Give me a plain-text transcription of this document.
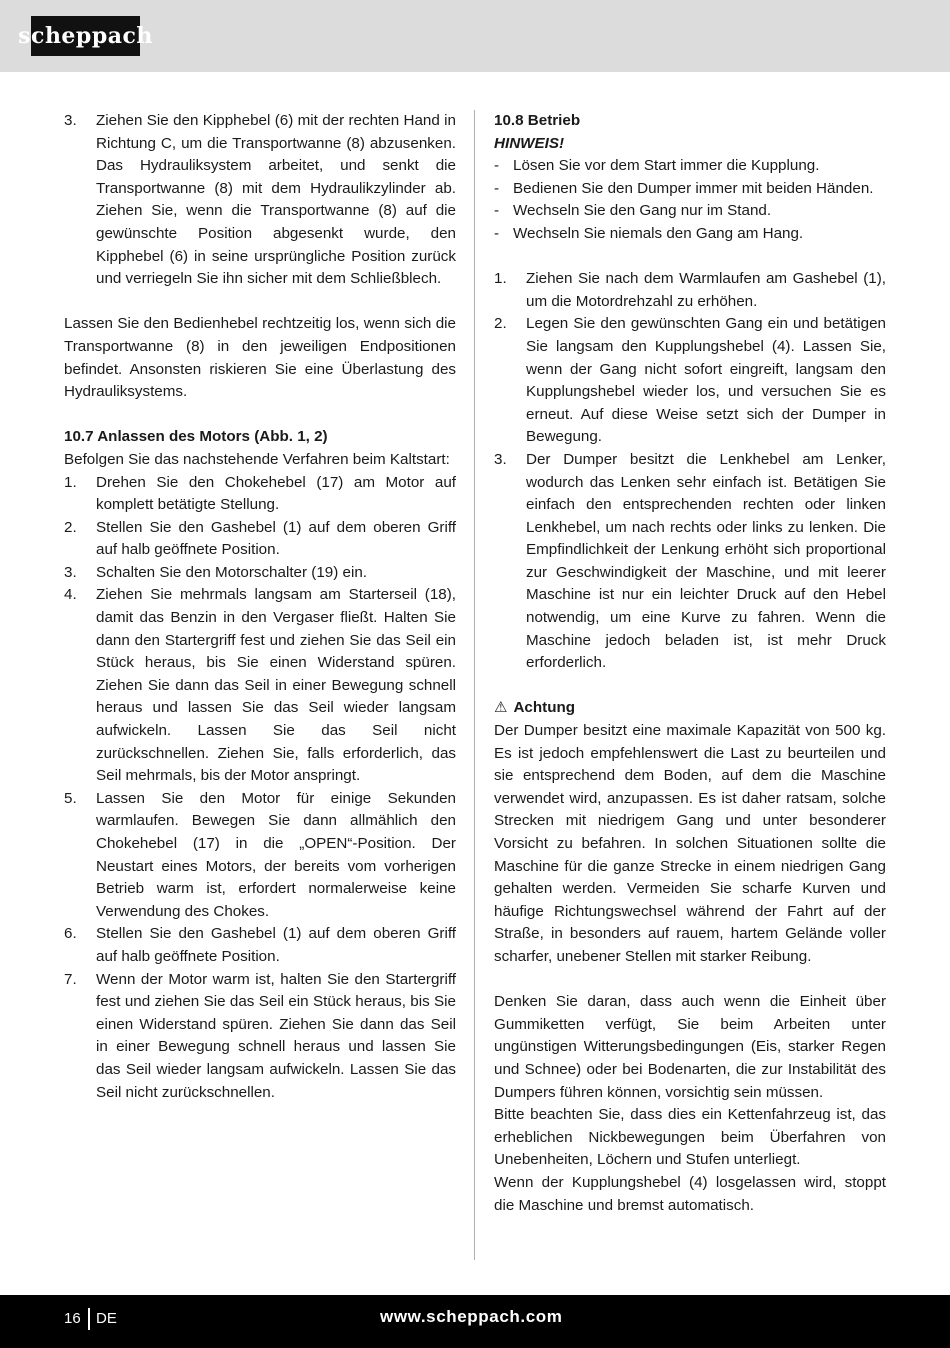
scheppach
3.	Ziehen Sie den Kipphebel (6) mit der rechten Hand in Richtung C, um die Transportwanne (8) abzusenken. Das Hydrauliksystem arbeitet, und senkt die Transportwanne (8) mit dem Hydraulikzylinder ab. Ziehen Sie, wenn die Transportwanne (8) auf die gewünschte Position abgesenkt wurde, den Kipphebel (6) in seine ursprüngliche Position zurück und verriegeln Sie ihn sicher mit dem Schließblech.

Lassen Sie den Bedienhebel rechtzeitig los, wenn sich die Transportwanne (8) in den jeweiligen Endpositionen befindet. Ansonsten riskieren Sie eine Überlastung des Hydrauliksystems.

10.7 Anlassen des Motors (Abb. 1, 2)

Befolgen Sie das nachstehende Verfahren beim Kaltstart:

1.	Drehen Sie den Chokehebel (17) am Motor auf komplett betätigte Stellung.
2.	Stellen Sie den Gashebel (1) auf dem oberen Griff auf halb geöffnete Position.
3.	Schalten Sie den Motorschalter (19) ein.
4.	Ziehen Sie mehrmals langsam am Starterseil (18), damit das Benzin in den Vergaser fließt. Halten Sie dann den Startergriff fest und ziehen Sie das Seil ein Stück heraus, bis Sie einen Widerstand spüren. Ziehen Sie dann das Seil in einer Bewegung schnell heraus und lassen Sie das Seil wieder langsam aufwickeln. Lassen Sie das Seil nicht zurückschnellen. Ziehen Sie, falls erforderlich, das Seil mehrmals, bis der Motor anspringt.
5.	Lassen Sie den Motor für einige Sekunden warmlaufen. Bewegen Sie dann allmählich den Chokehebel (17) in die „OPEN“-Position. Der Neustart eines Motors, der bereits vom vorherigen Betrieb warm ist, erfordert normalerweise keine Verwendung des Chokes.
6.	Stellen Sie den Gashebel (1) auf dem oberen Griff auf halb geöffnete Position.
7.	Wenn der Motor warm ist, halten Sie den Startergriff fest und ziehen Sie das Seil ein Stück heraus, bis Sie einen Widerstand spüren. Ziehen Sie dann das Seil in einer Bewegung schnell heraus und lassen Sie das Seil wieder langsam aufwickeln. Lassen Sie das Seil nicht zurückschnellen.

10.8 Betrieb

HINWEIS!

- Lösen Sie vor dem Start immer die Kupplung.
- Bedienen Sie den Dumper immer mit beiden Händen.
- Wechseln Sie den Gang nur im Stand.
- Wechseln Sie niemals den Gang am Hang.
1.	Ziehen Sie nach dem Warmlaufen am Gashebel (1), um die Motordrehzahl zu erhöhen.
2.	Legen Sie den gewünschten Gang ein und betätigen Sie langsam den Kupplungshebel (4). Lassen Sie, wenn der Gang nicht sofort eingreift, langsam den Kupplungshebel wieder los, und versuchen Sie es erneut. Auf diese Weise setzt sich der Dumper in Bewegung.
3.	Der Dumper besitzt die Lenkhebel am Lenker, wodurch das Lenken sehr einfach ist. Betätigen Sie einfach den entsprechenden rechten oder linken Lenkhebel, um nach rechts oder links zu lenken. Die Empfindlichkeit der Lenkung erhöht sich proportional zur Geschwindigkeit der Maschine, und mit leerer Maschine ist nur ein leichter Druck auf den Hebel notwendig, um eine Kurve zu fahren. Wenn die Maschine jedoch beladen ist, ist mehr Druck erforderlich.

⚠ Achtung

Der Dumper besitzt eine maximale Kapazität von 500 kg. Es ist jedoch empfehlenswert die Last zu beurteilen und sie entsprechend dem Boden, auf dem die Maschine verwendet wird, anzupassen. Es ist daher ratsam, solche Strecken mit niedrigem Gang und unter besonderer Vorsicht zu befahren. In solchen Situationen sollte die Maschine für die ganze Strecke in einem niedrigen Gang gehalten werden. Vermeiden Sie scharfe Kurven und häufige Richtungswechsel während der Fahrt auf der Straße, in besonders auf rauem, hartem Gelände voller scharfer, unebener Stellen mit starker Reibung.

Denken Sie daran, dass auch wenn die Einheit über Gummiketten verfügt, Sie beim Arbeiten unter ungünstigen Witterungsbedingungen (Eis, starker Regen und Schnee) oder bei Bodenarten, die zur Instabilität des Dumpers führen können, vorsichtig sein müssen.

Bitte beachten Sie, dass dies ein Kettenfahrzeug ist, das erheblichen Nickbewegungen beim Überfahren von Unebenheiten, Löchern und Stufen unterliegt.

Wenn der Kupplungshebel (4) losgelassen wird, stoppt die Maschine und bremst automatisch.

16 DE	www.scheppach.com
